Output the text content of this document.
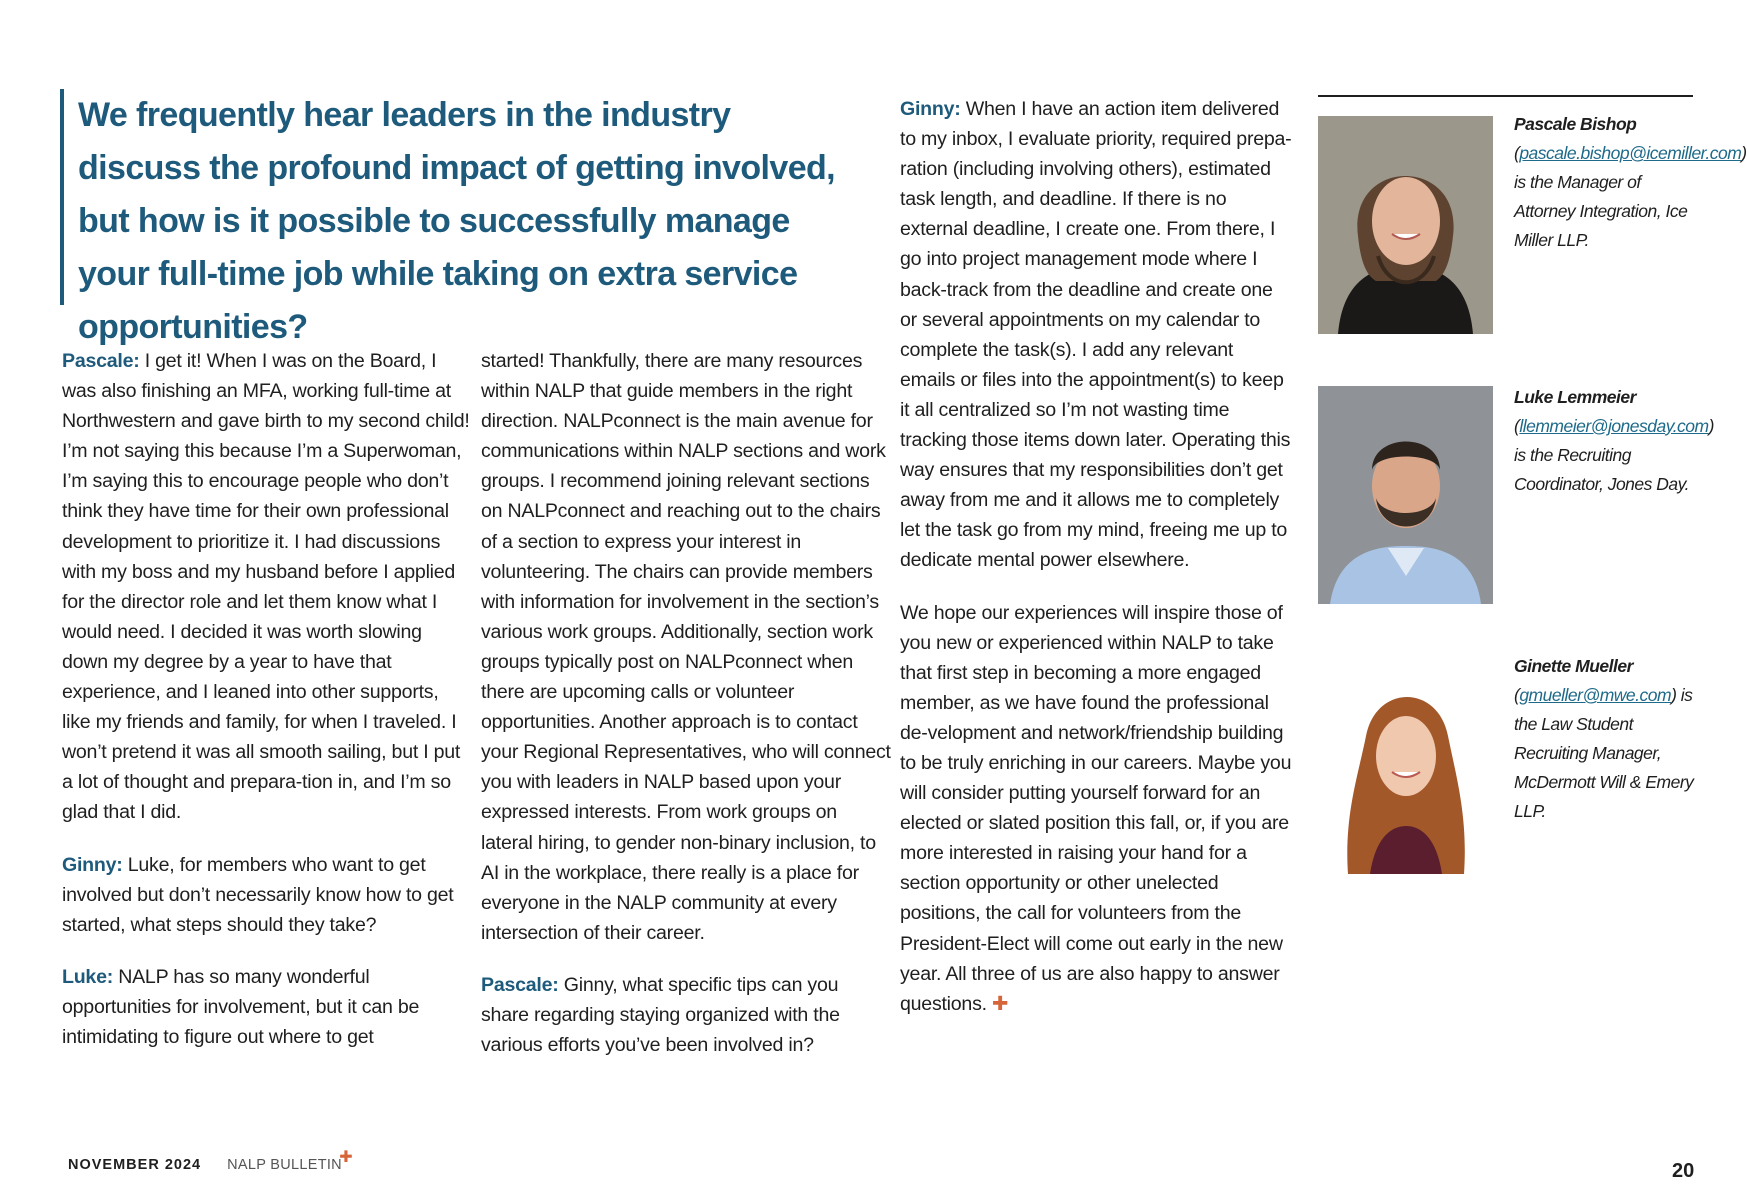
We frequently hear leaders in the industry discuss the profound impact of getting involved, but how is it possible to successfully manage your full-time job while taking on extra service opportunities?

Pascale: I get it! When I was on the Board, I was also finishing an MFA, working full-time at Northwestern and gave birth to my second child! I’m not saying this because I’m a Superwoman, I’m saying this to encourage people who don’t think they have time for their own professional development to prioritize it. I had discussions with my boss and my husband before I applied for the director role and let them know what I would need. I decided it was worth slowing down my degree by a year to have that experience, and I leaned into other supports, like my friends and family, for when I traveled. I won’t pretend it was all smooth sailing, but I put a lot of thought and prepara-tion in, and I’m so glad that I did.

Ginny: Luke, for members who want to get involved but don’t necessarily know how to get started, what steps should they take?

Luke: NALP has so many wonderful opportunities for involvement, but it can be intimidating to figure out where to get

started! Thankfully, there are many resources within NALP that guide members in the right direction. NALPconnect is the main avenue for communications within NALP sections and work groups. I recommend joining relevant sections on NALPconnect and reaching out to the chairs of a section to express your interest in volunteering. The chairs can provide members with information for involvement in the section’s various work groups. Additionally, section work groups typically post on NALPconnect when there are upcoming calls or volunteer opportunities. Another approach is to contact your Regional Representatives, who will connect you with leaders in NALP based upon your expressed interests. From work groups on lateral hiring, to gender non-binary inclusion, to AI in the workplace, there really is a place for everyone in the NALP community at every intersection of their career.

Pascale: Ginny, what specific tips can you share regarding staying organized with the various efforts you’ve been involved in?

Ginny: When I have an action item delivered to my inbox, I evaluate priority, required prepa-ration (including involving others), estimated task length, and deadline. If there is no external deadline, I create one. From there, I go into project management mode where I back-track from the deadline and create one or several appointments on my calendar to complete the task(s). I add any relevant emails or files into the appointment(s) to keep it all centralized so I’m not wasting time tracking those items down later. Operating this way ensures that my responsibilities don’t get away from me and it allows me to completely let the task go from my mind, freeing me up to dedicate mental power elsewhere.

We hope our experiences will inspire those of you new or experienced within NALP to take that first step in becoming a more engaged member, as we have found the professional de-velopment and network/friendship building to be truly enriching in our careers. Maybe you will consider putting yourself forward for an elected or slated position this fall, or, if you are more interested in raising your hand for a section opportunity or other unelected positions, the call for volunteers from the President-Elect will come out early in the new year. All three of us are also happy to answer questions. ✚

Pascale Bishop
(pascale.bishop@icemiller.com) is the Manager of Attorney Integration, Ice Miller LLP.
Luke Lemmeier
(llemmeier@jonesday.com) is the Recruiting Coordinator, Jones Day.
Ginette Mueller
(gmueller@mwe.com) is the Law Student Recruiting Manager, McDermott Will & Emery LLP.
NOVEMBER 2024 NALP BULLETIN
✚
20
